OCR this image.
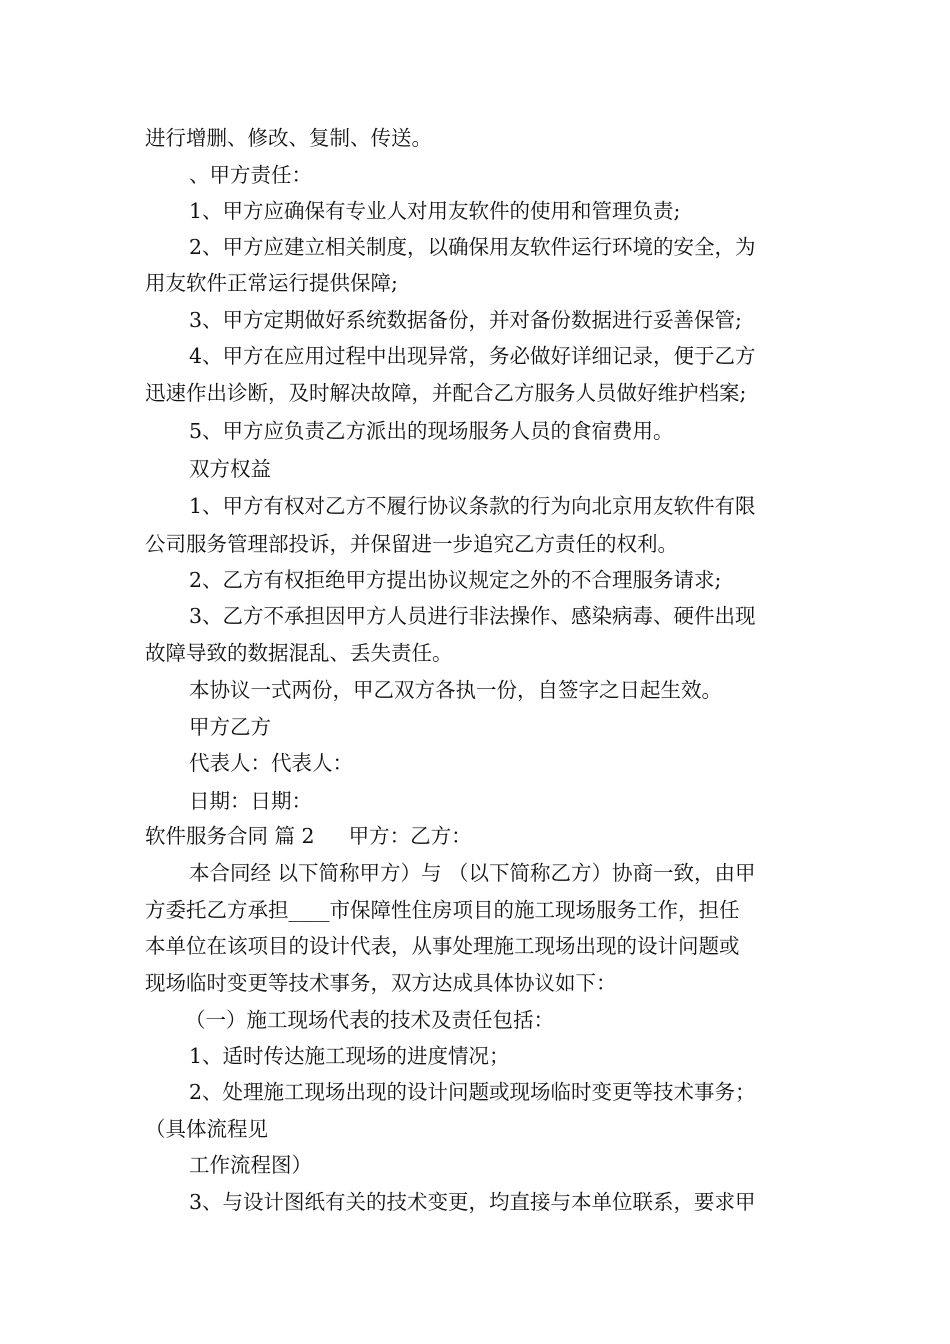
进行增删、修改、复制、传送。
、甲方责任：
1、甲方应确保有专业人对用友软件的使用和管理负责;
2、甲方应建立相关制度，以确保用友软件运行环境的安全，为
用友软件正常运行提供保障;
3、甲方定期做好系统数据备份，并对备份数据进行妥善保管;
4、甲方在应用过程中出现异常，务必做好详细记录，便于乙方
迅速作出诊断，及时解决故障，并配合乙方服务人员做好维护档案;
5、甲方应负责乙方派出的现场服务人员的食宿费用。
双方权益
1、甲方有权对乙方不履行协议条款的行为向北京用友软件有限
公司服务管理部投诉，并保留进一步追究乙方责任的权利。
2、乙方有权拒绝甲方提出协议规定之外的不合理服务请求;
3、乙方不承担因甲方人员进行非法操作、感染病毒、硬件出现
故障导致的数据混乱、丢失责任。
本协议一式两份，甲乙双方各执一份，自签字之日起生效。
甲方乙方
代表人：代表人：
日期：日期：
软件服务合同 篇 2 甲方：乙方：
本合同经 以下简称甲方）与 （以下简称乙方）协商一致，由甲
方委托乙方承担____市保障性住房项目的施工现场服务工作，担任
本单位在该项目的设计代表，从事处理施工现场出现的设计问题或
现场临时变更等技术事务，双方达成具体协议如下：
（一）施工现场代表的技术及责任包括：
1、适时传达施工现场的进度情况；
2、处理施工现场出现的设计问题或现场临时变更等技术事务；
（具体流程见
工作流程图）
3、与设计图纸有关的技术变更，均直接与本单位联系，要求甲
